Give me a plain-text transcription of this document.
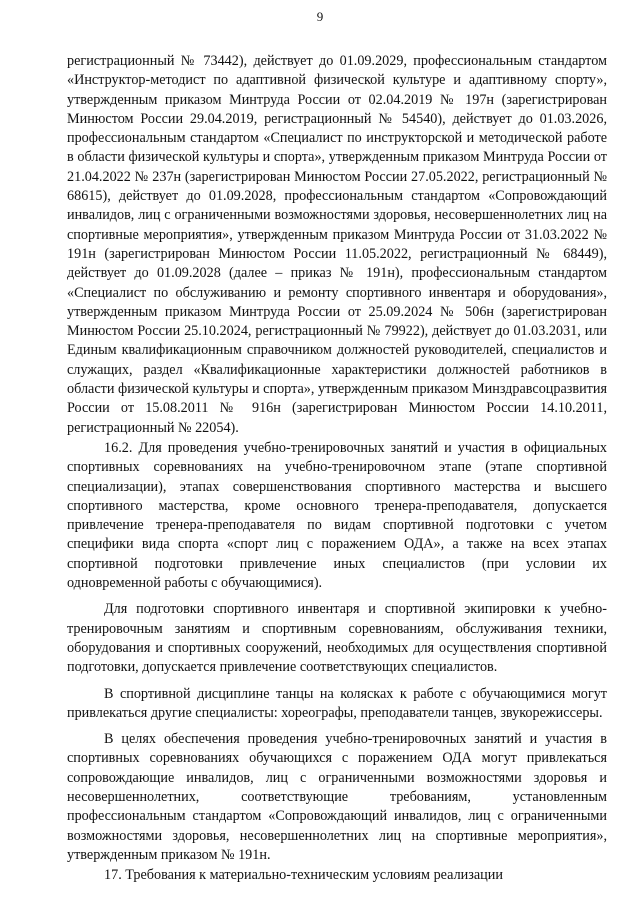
9

регистрационный № 73442), действует до 01.09.2029, профессиональным стандартом «Инструктор-методист по адаптивной физической культуре и адаптивному спорту», утвержденным приказом Минтруда России от 02.04.2019 № 197н (зарегистрирован Минюстом России 29.04.2019, регистрационный № 54540), действует до 01.03.2026, профессиональным стандартом «Специалист по инструкторской и методической работе в области физической культуры и спорта», утвержденным приказом Минтруда России от 21.04.2022 № 237н (зарегистрирован Минюстом России 27.05.2022, регистрационный № 68615), действует до 01.09.2028, профессиональным стандартом «Сопровождающий инвалидов, лиц с ограниченными возможностями здоровья, несовершеннолетних лиц на спортивные мероприятия», утвержденным приказом Минтруда России от 31.03.2022 № 191н (зарегистрирован Минюстом России 11.05.2022, регистрационный № 68449), действует до 01.09.2028 (далее – приказ № 191н), профессиональным стандартом «Специалист по обслуживанию и ремонту спортивного инвентаря и оборудования», утвержденным приказом Минтруда России от 25.09.2024 № 506н (зарегистрирован Минюстом России 25.10.2024, регистрационный № 79922), действует до 01.03.2031, или Единым квалификационным справочником должностей руководителей, специалистов и служащих, раздел «Квалификационные характеристики должностей работников в области физической культуры и спорта», утвержденным приказом Минздравсоцразвития России от 15.08.2011 № 916н (зарегистрирован Минюстом России 14.10.2011, регистрационный № 22054).

16.2. Для проведения учебно-тренировочных занятий и участия в официальных спортивных соревнованиях на учебно-тренировочном этапе (этапе спортивной специализации), этапах совершенствования спортивного мастерства и высшего спортивного мастерства, кроме основного тренера-преподавателя, допускается привлечение тренера-преподавателя по видам спортивной подготовки с учетом специфики вида спорта «спорт лиц с поражением ОДА», а также на всех этапах спортивной подготовки привлечение иных специалистов (при условии их одновременной работы с обучающимися).

Для подготовки спортивного инвентаря и спортивной экипировки к учебно-тренировочным занятиям и спортивным соревнованиям, обслуживания техники, оборудования и спортивных сооружений, необходимых для осуществления спортивной подготовки, допускается привлечение соответствующих специалистов.

В спортивной дисциплине танцы на колясках к работе с обучающимися могут привлекаться другие специалисты: хореографы, преподаватели танцев, звукорежиссеры.

В целях обеспечения проведения учебно-тренировочных занятий и участия в спортивных соревнованиях обучающихся с поражением ОДА могут привлекаться сопровождающие инвалидов, лиц с ограниченными возможностями здоровья и несовершеннолетних, соответствующие требованиям, установленным профессиональным стандартом «Сопровождающий инвалидов, лиц с ограниченными возможностями здоровья, несовершеннолетних лиц на спортивные мероприятия», утвержденным приказом № 191н.

17. Требования к материально-техническим условиям реализации
